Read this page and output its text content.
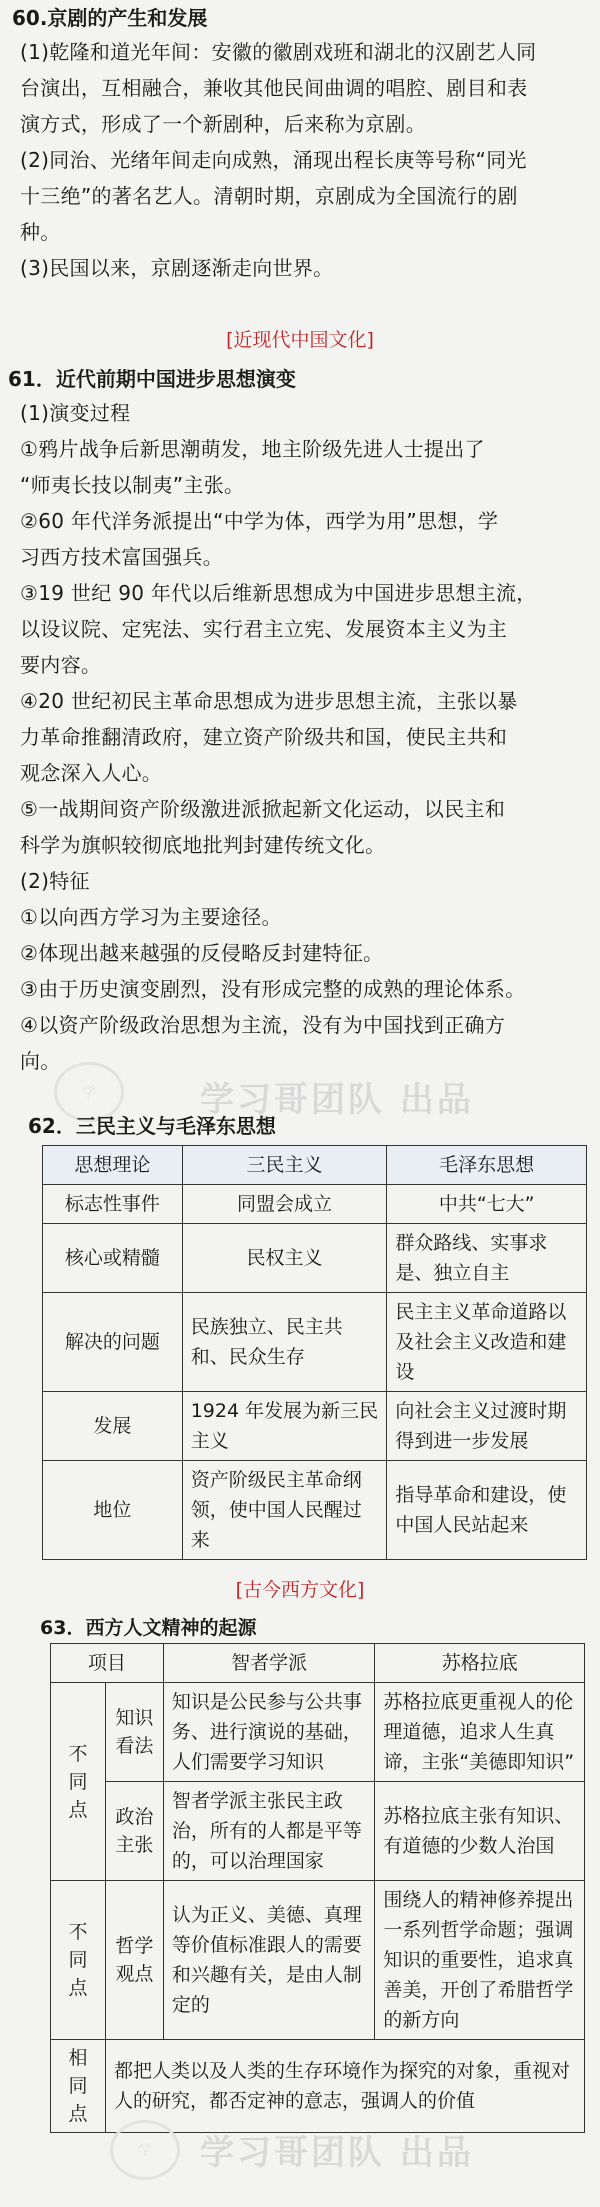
60.京剧的产生和发展
(1)乾隆和道光年间：安徽的徽剧戏班和湖北的汉剧艺人同
台演出，互相融合，兼收其他民间曲调的唱腔、剧目和表
演方式，形成了一个新剧种，后来称为京剧。
(2)同治、光绪年间走向成熟，涌现出程长庚等号称“同光
十三绝”的著名艺人。清朝时期，京剧成为全国流行的剧
种。
(3)民国以来，京剧逐渐走向世界。
[近现代中国文化]
61．近代前期中国进步思想演变
(1)演变过程
①鸦片战争后新思潮萌发，地主阶级先进人士提出了
“师夷长技以制夷”主张。
②60 年代洋务派提出“中学为体，西学为用”思想，学
习西方技术富国强兵。
③19 世纪 90 年代以后维新思想成为中国进步思想主流，
以设议院、定宪法、实行君主立宪、发展资本主义为主
要内容。
④20 世纪初民主革命思想成为进步思想主流，主张以暴
力革命推翻清政府，建立资产阶级共和国，使民主共和
观念深入人心。
⑤一战期间资产阶级激进派掀起新文化运动，以民主和
科学为旗帜较彻底地批判封建传统文化。
(2)特征
①以向西方学习为主要途径。
②体现出越来越强的反侵略反封建特征。
③由于历史演变剧烈，没有形成完整的成熟的理论体系。
④以资产阶级政治思想为主流，没有为中国找到正确方
向。
学	学习哥团队 出品
62．三民主义与毛泽东思想
思想理论	三民主义	毛泽东思想
标志性事件	同盟会成立	中共“七大”
核心或精髓	民权主义	群众路线、实事求是、独立自主
解决的问题	民族独立、民主共和、民众生存	民主主义革命道路以及社会主义改造和建设
发展	1924 年发展为新三民主义	向社会主义过渡时期得到进一步发展
地位	资产阶级民主革命纲领，使中国人民醒过来	指导革命和建设，使中国人民站起来
[古今西方文化]
63．西方人文精神的起源
项目		智者学派	苏格拉底
不同点	知识看法	知识是公民参与公共事务、进行演说的基础，人们需要学习知识	苏格拉底更重视人的伦理道德，追求人生真谛，主张“美德即知识”
	政治主张	智者学派主张民主政治，所有的人都是平等的，可以治理国家	苏格拉底主张有知识、有道德的少数人治国
不同点	哲学观点	认为正义、美德、真理等价值标准跟人的需要和兴趣有关，是由人制定的	围绕人的精神修养提出一系列哲学命题；强调知识的重要性，追求真善美，开创了希腊哲学的新方向
相同点	都把人类以及人类的生存环境作为探究的对象，重视对人的研究，都否定神的意志，强调人的价值		
学	学习哥团队 出品
